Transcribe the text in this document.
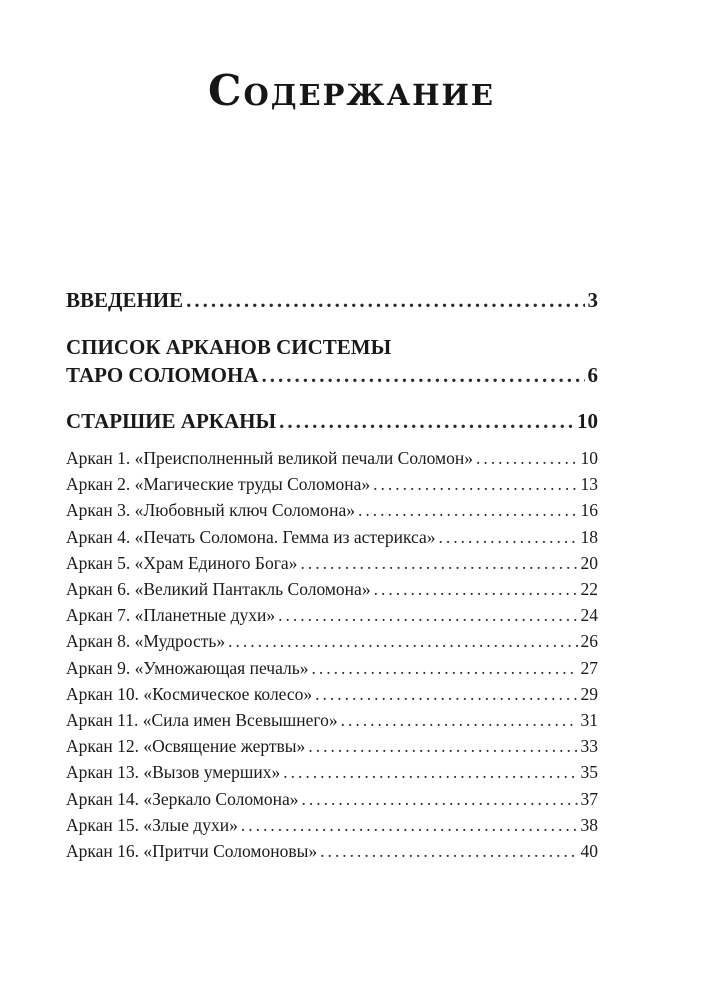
Содержание
ВВЕДЕНИЕ .....	3
СПИСОК АРКАНОВ СИСТЕМЫ
ТАРО СОЛОМОНА .....	6
СТАРШИЕ АРКАНЫ .....	10
Аркан 1. «Преисполненный великой печали Соломон» .....	10
Аркан 2. «Магические труды Соломона» .....	13
Аркан 3. «Любовный ключ Соломона» .....	16
Аркан 4. «Печать Соломона. Гемма из астерикса» .....	18
Аркан 5. «Храм Единого Бога» .....	20
Аркан 6. «Великий Пантакль Соломона» .....	22
Аркан 7. «Планетные духи» .....	24
Аркан 8. «Мудрость» .....	26
Аркан 9. «Умножающая печаль» .....	27
Аркан 10. «Космическое колесо» .....	29
Аркан 11. «Сила имен Всевышнего» .....	31
Аркан 12. «Освящение жертвы» .....	33
Аркан 13. «Вызов умерших» .....	35
Аркан 14. «Зеркало Соломона» .....	37
Аркан 15. «Злые духи» .....	38
Аркан 16. «Притчи Соломоновы» .....	40
